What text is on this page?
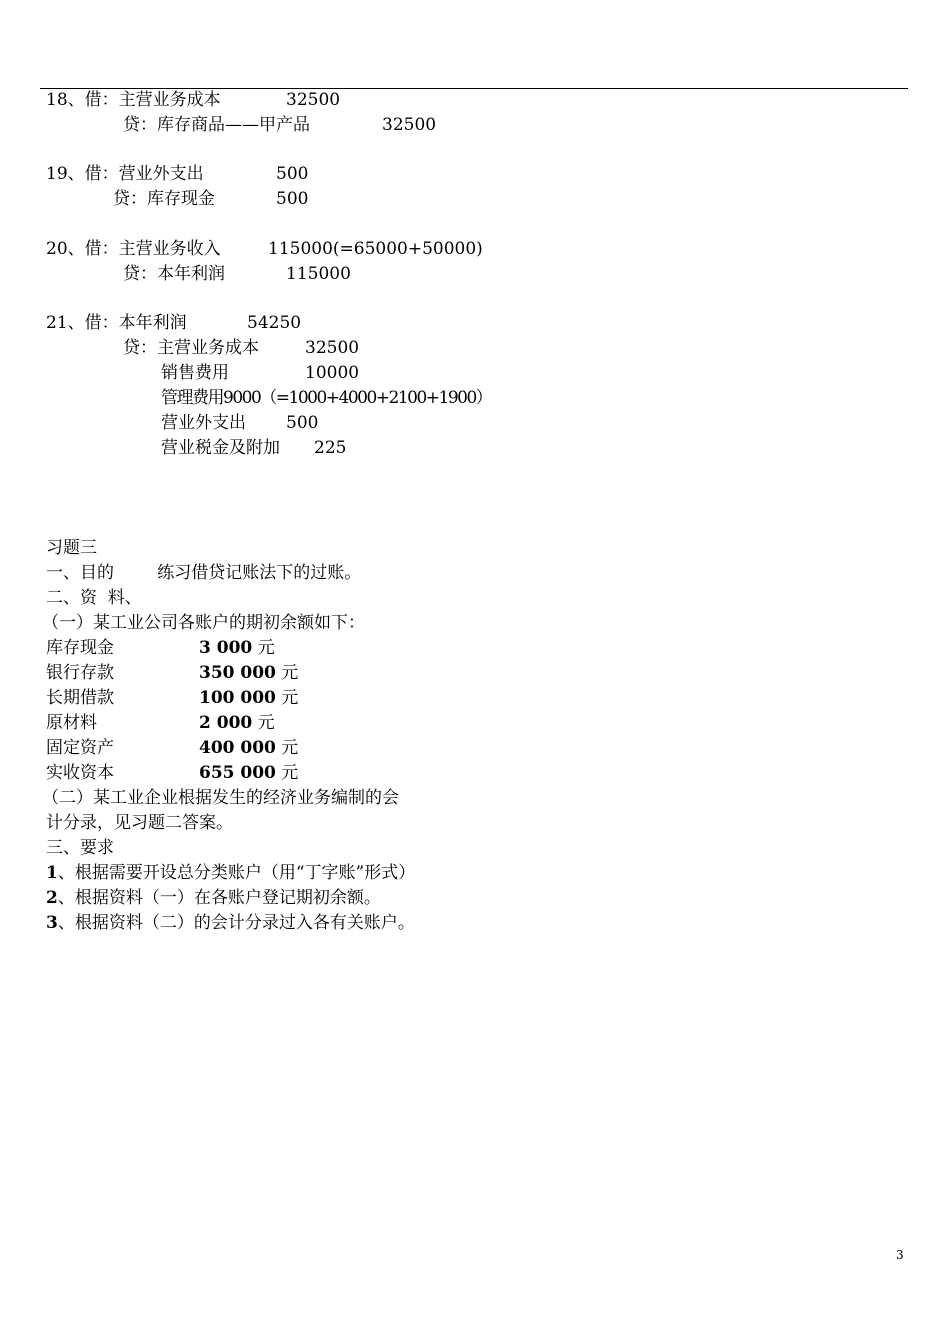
18、借：主营业务成本	32500
贷：库存商品——甲产品	32500
19、借：营业外支出	500
贷：库存现金	500
20、借：主营业务收入	115000(=65000+50000)
贷：本年利润	115000
21、借：本年利润	54250
贷：主营业务成本	32500
销售费用	10000
管理费用9000（=1000+4000+2100+1900）
营业外支出 500
营业税金及附加 225
习题三
一、目的        练习借贷记账法下的过账。
二、资  料、
（一）某工业公司各账户的期初余额如下：
库存现金	3 000 元
银行存款	350 000 元
长期借款	100 000 元
原材料	2 000 元
固定资产	400 000 元
实收资本	655 000 元
（二）某工业企业根据发生的经济业务编制的会
计分录，见习题二答案。
三、要求
1、根据需要开设总分类账户（用“丁字账”形式）
2、根据资料（一）在各账户登记期初余额。
3、根据资料（二）的会计分录过入各有关账户。
3
